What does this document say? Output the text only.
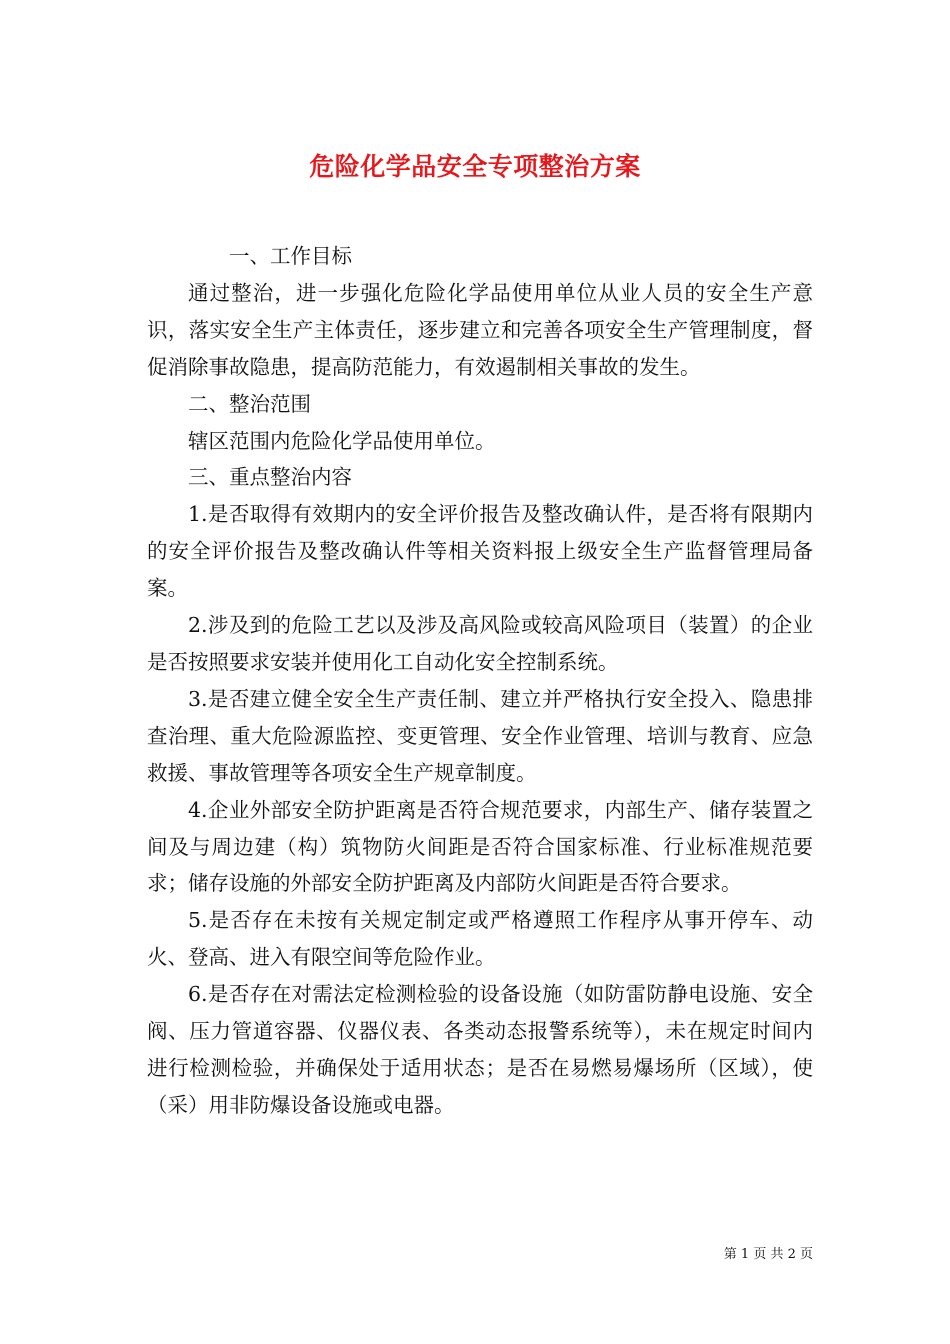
危险化学品安全专项整治方案

一、工作目标

通过整治，进一步强化危险化学品使用单位从业人员的安全生产意识，落实安全生产主体责任，逐步建立和完善各项安全生产管理制度，督促消除事故隐患，提高防范能力，有效遏制相关事故的发生。

二、整治范围

辖区范围内危险化学品使用单位。

三、重点整治内容

1.是否取得有效期内的安全评价报告及整改确认件，是否将有限期内的安全评价报告及整改确认件等相关资料报上级安全生产监督管理局备案。

2.涉及到的危险工艺以及涉及高风险或较高风险项目（装置）的企业是否按照要求安装并使用化工自动化安全控制系统。

3.是否建立健全安全生产责任制、建立并严格执行安全投入、隐患排查治理、重大危险源监控、变更管理、安全作业管理、培训与教育、应急救援、事故管理等各项安全生产规章制度。

4.企业外部安全防护距离是否符合规范要求，内部生产、储存装置之间及与周边建（构）筑物防火间距是否符合国家标准、行业标准规范要求；储存设施的外部安全防护距离及内部防火间距是否符合要求。

5.是否存在未按有关规定制定或严格遵照工作程序从事开停车、动火、登高、进入有限空间等危险作业。

6.是否存在对需法定检测检验的设备设施（如防雷防静电设施、安全阀、压力管道容器、仪器仪表、各类动态报警系统等），未在规定时间内进行检测检验，并确保处于适用状态；是否在易燃易爆场所（区域），使（采）用非防爆设备设施或电器。

第 1 页 共 2 页
